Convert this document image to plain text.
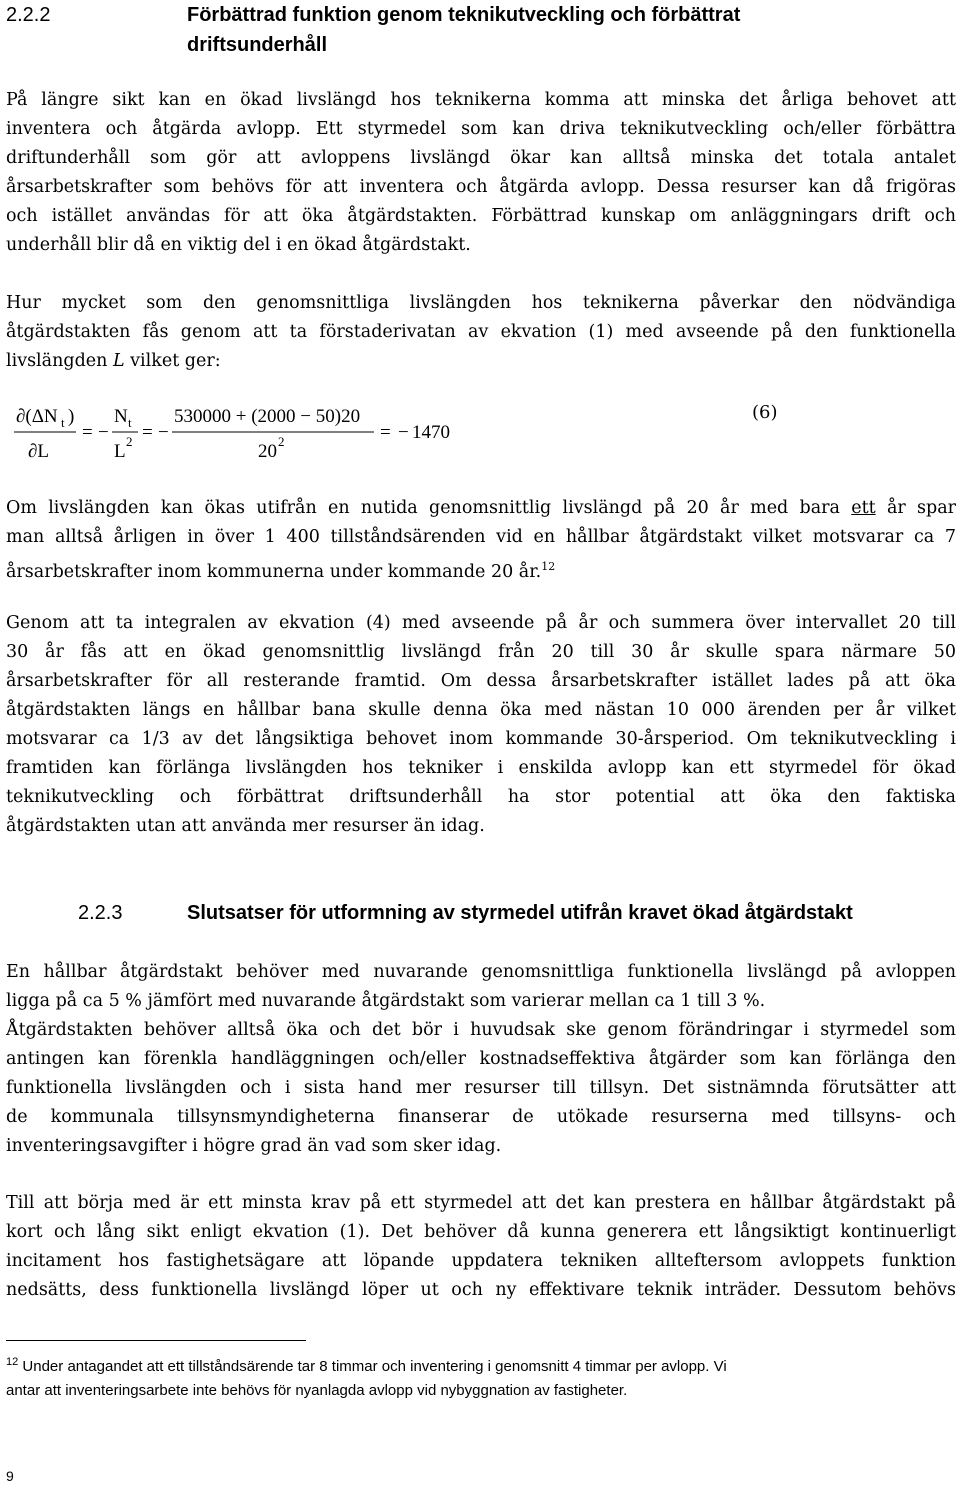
2.2.2	Förbättrad funktion genom teknikutveckling och förbättrat
driftsunderhåll
På längre sikt kan en ökad livslängd hos teknikerna komma att minska det årliga behovet att
inventera och åtgärda avlopp. Ett styrmedel som kan driva teknikutveckling och/eller förbättra
driftunderhåll som gör att avloppens livslängd ökar kan alltså minska det totala antalet
årsarbetskrafter som behövs för att inventera och åtgärda avlopp. Dessa resurser kan då frigöras
och istället användas för att öka åtgärdstakten. Förbättrad kunskap om anläggningars drift och
underhåll blir då en viktig del i en ökad åtgärdstakt.
Hur mycket som den genomsnittliga livslängden hos teknikerna påverkar den nödvändiga
åtgärdstakten fås genom att ta förstaderivatan av ekvation (1) med avseende på den funktionella
livslängden L vilket ger:
∂(ΔN t )
∂L
= −
N t
L 2 = −
530000 + (2000 − 50)20
20 2	= − 1470
(6)
Om livslängden kan ökas utifrån en nutida genomsnittlig livslängd på 20 år med bara ett år spar
man alltså årligen in över 1 400 tillståndsärenden vid en hållbar åtgärdstakt vilket motsvarar ca 7
årsarbetskrafter inom kommunerna under kommande 20 år.$^{12}$
Genom att ta integralen av ekvation (4) med avseende på år och summera över intervallet 20 till
30 år fås att en ökad genomsnittlig livslängd från 20 till 30 år skulle spara närmare 50
årsarbetskrafter för all resterande framtid. Om dessa årsarbetskrafter istället lades på att öka
åtgärdstakten längs en hållbar bana skulle denna öka med nästan 10 000 ärenden per år vilket
motsvarar ca 1/3 av det långsiktiga behovet inom kommande 30-årsperiod. Om teknikutveckling i
framtiden kan förlänga livslängden hos tekniker i enskilda avlopp kan ett styrmedel för ökad
teknikutveckling och förbättrat driftsunderhåll ha stor potential att öka den faktiska
åtgärdstakten utan att använda mer resurser än idag.
2.2.3	Slutsatser för utformning av styrmedel utifrån kravet ökad åtgärdstakt
En hållbar åtgärdstakt behöver med nuvarande genomsnittliga funktionella livslängd på avloppen
ligga på ca 5 % jämfört med nuvarande åtgärdstakt som varierar mellan ca 1 till 3 %.
Åtgärdstakten behöver alltså öka och det bör i huvudsak ske genom förändringar i styrmedel som
antingen kan förenkla handläggningen och/eller kostnadseffektiva åtgärder som kan förlänga den
funktionella livslängden och i sista hand mer resurser till tillsyn. Det sistnämnda förutsätter att
de kommunala tillsynsmyndigheterna finanserar de utökade resurserna med tillsyns- och
inventeringsavgifter i högre grad än vad som sker idag.
Till att börja med är ett minsta krav på ett styrmedel att det kan prestera en hållbar åtgärdstakt på
kort och lång sikt enligt ekvation (1). Det behöver då kunna generera ett långsiktigt kontinuerligt
incitament hos fastighetsägare att löpande uppdatera tekniken allteftersom avloppets funktion
nedsätts, dess funktionella livslängd löper ut och ny effektivare teknik inträder. Dessutom behövs
$^{12}$ Under antagandet att ett tillståndsärende tar 8 timmar och inventering i genomsnitt 4 timmar per avlopp. Vi
antar att inventeringsarbete inte behövs för nyanlagda avlopp vid nybyggnation av fastigheter.
9
